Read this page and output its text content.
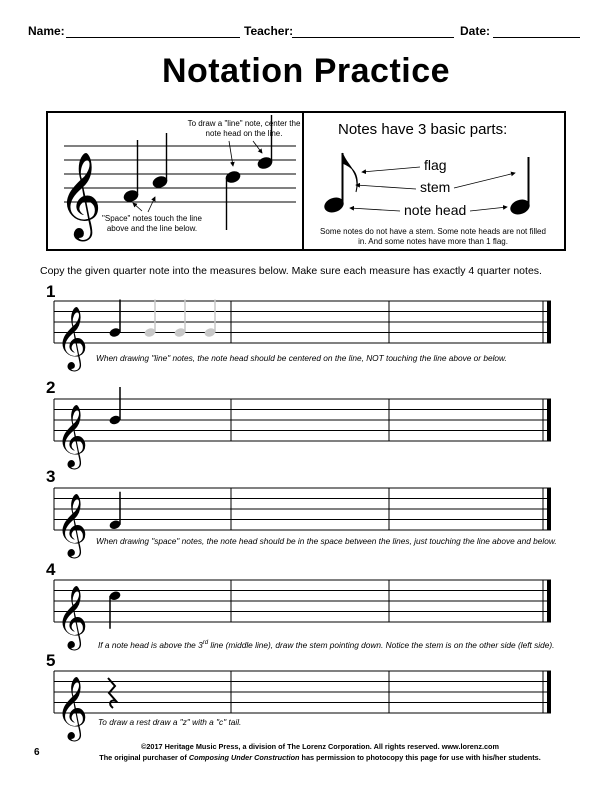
Name:	Teacher:	Date:
Notation Practice
To draw a "line" note, center the note head on the line.
"Space" notes touch the line above and the line below.
Notes have 3 basic parts:
flag
stem
note head
Some notes do not have a stem. Some note heads are not filled in. And some notes have more than 1 flag.
Copy the given quarter note into the measures below. Make sure each measure has exactly 4 quarter notes.
1
2
3
4
5
When drawing "line" notes, the note head should be centered on the line, NOT touching the line above or below.
When drawing "space" notes, the note head should be in the space between the lines, just touching the line above and below.
If a note head is above the 3rd line (middle line), draw the stem pointing down. Notice the stem is on the other side (left side).
To draw a rest draw a "z" with a "c" tail.
©2017 Heritage Music Press, a division of The Lorenz Corporation. All rights reserved. www.lorenz.com
The original purchaser of Composing Under Construction has permission to photocopy this page for use with his/her students.
6
𝄞
𝄞
𝄞
𝄞
𝄞
𝄞
